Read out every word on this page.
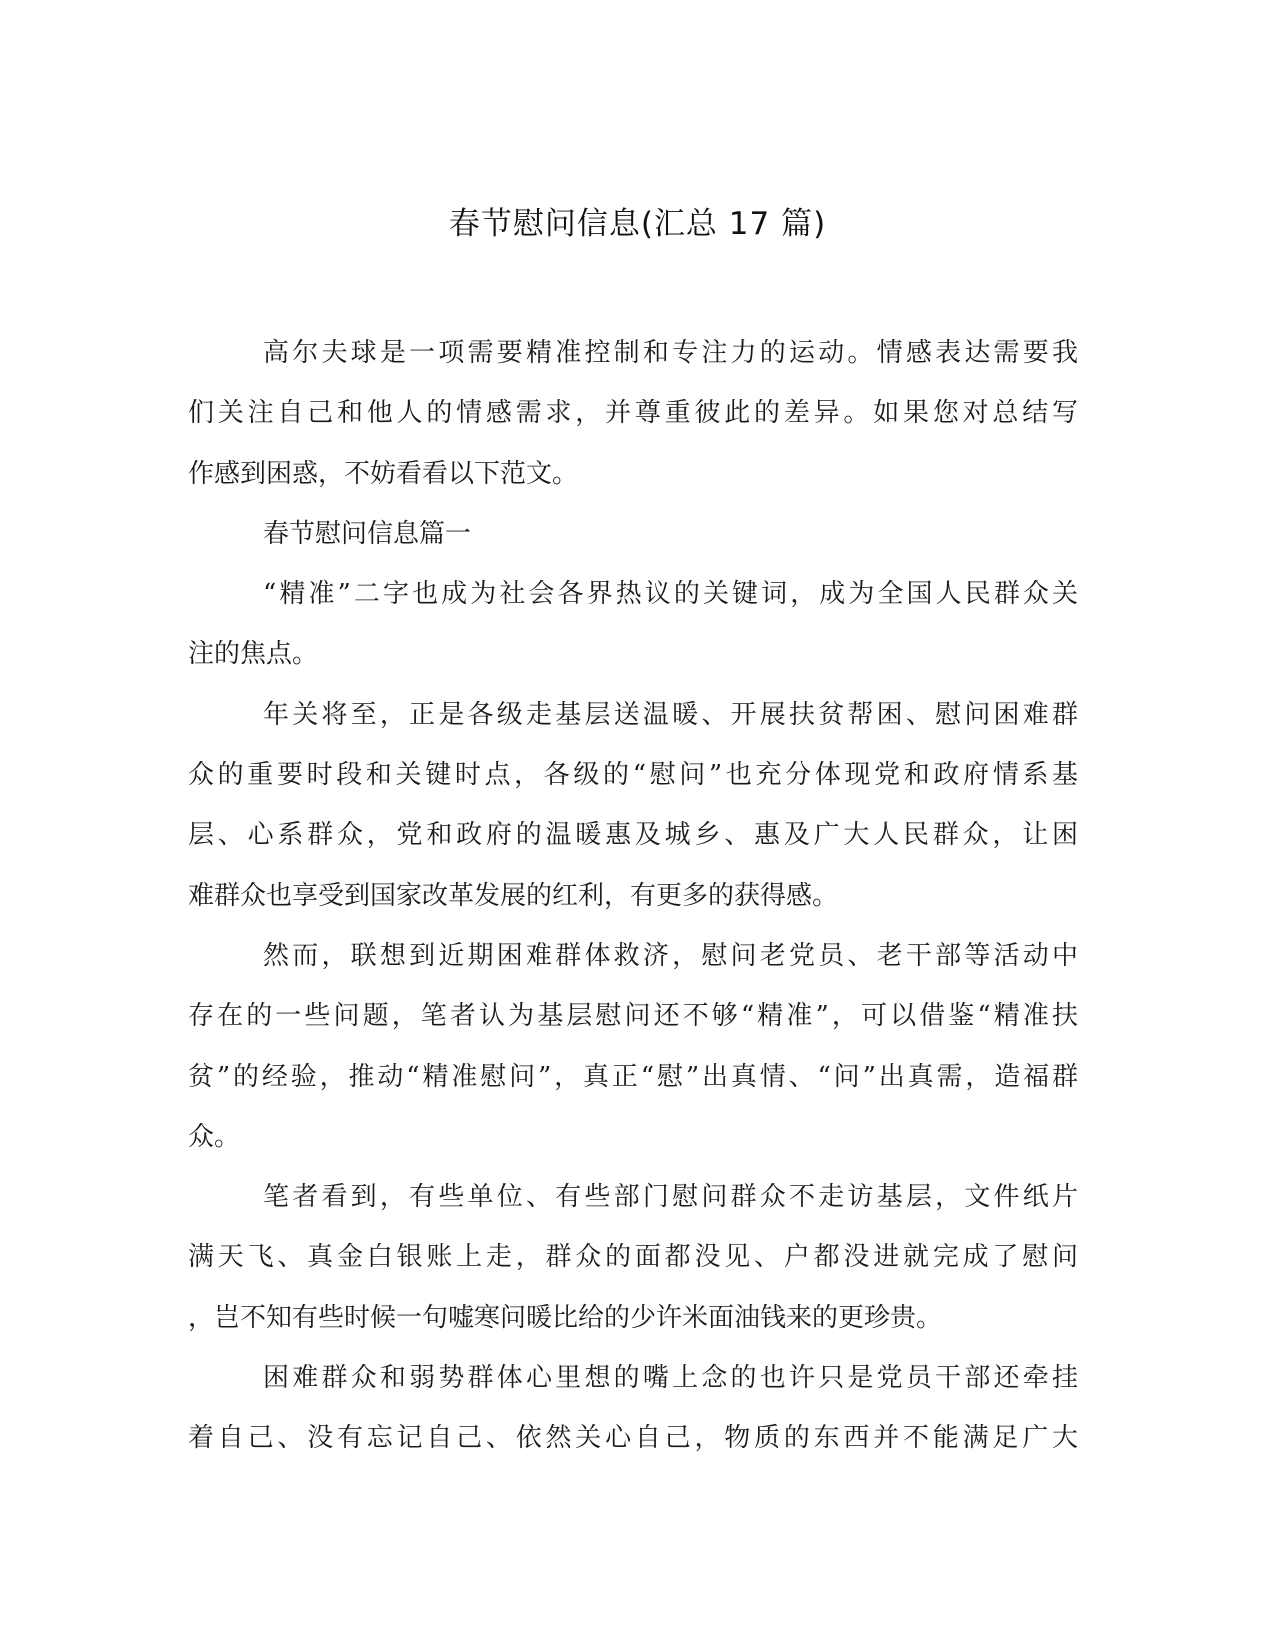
春节慰问信息(汇总 17 篇)
高尔夫球是一项需要精准控制和专注力的运动。情感表达需要我
们关注自己和他人的情感需求，并尊重彼此的差异。如果您对总结写
作感到困惑，不妨看看以下范文。
春节慰问信息篇一
“精准”二字也成为社会各界热议的关键词，成为全国人民群众关
注的焦点。
年关将至，正是各级走基层送温暖、开展扶贫帮困、慰问困难群
众的重要时段和关键时点，各级的“慰问”也充分体现党和政府情系基
层、心系群众，党和政府的温暖惠及城乡、惠及广大人民群众，让困
难群众也享受到国家改革发展的红利，有更多的获得感。
然而，联想到近期困难群体救济，慰问老党员、老干部等活动中
存在的一些问题，笔者认为基层慰问还不够“精准”，可以借鉴“精准扶
贫”的经验，推动“精准慰问”，真正“慰”出真情、“问”出真需，造福群
众。
笔者看到，有些单位、有些部门慰问群众不走访基层，文件纸片
满天飞、真金白银账上走，群众的面都没见、户都没进就完成了慰问
，岂不知有些时候一句嘘寒问暖比给的少许米面油钱来的更珍贵。
困难群众和弱势群体心里想的嘴上念的也许只是党员干部还牵挂
着自己、没有忘记自己、依然关心自己，物质的东西并不能满足广大
